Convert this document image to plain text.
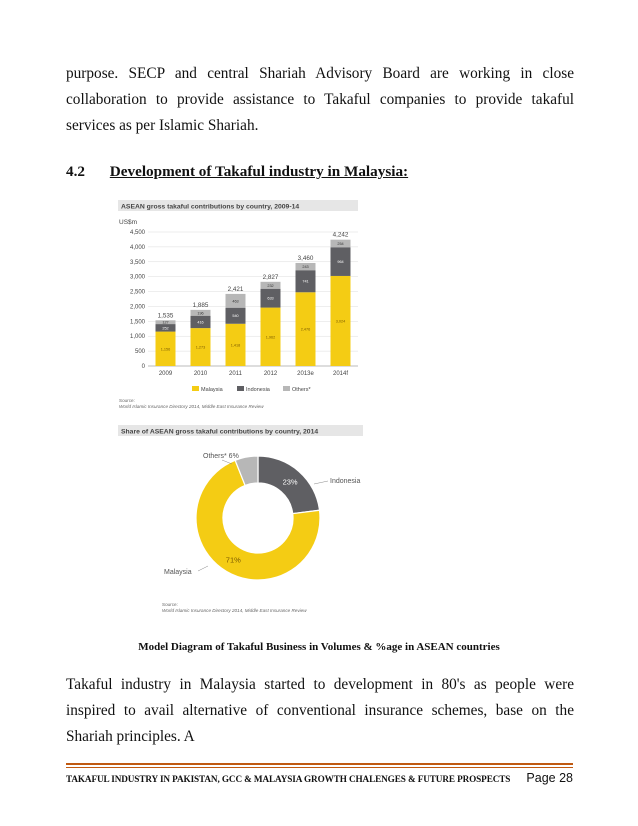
purpose. SECP and central Shariah Advisory Board are working in close collaboration to provide assistance to Takaful companies to provide takaful services as per Islamic Shariah.

4.2 Development of Takaful industry in Malaysia:
ASEAN gross takaful contributions by country, 2009-14
US$m
0
500
1,000
1,500
2,000
2,500
3,000
3,500
4,000
4,500
1,156
252
127
1,535
2009
1,273
416
196
1,885
2010
1,418
540
463
2,421
2011
1,962
633
232
2,827
2012
2,476
741
243
3,460
2013e
3,024
964
254
4,242
2014f
Malaysia	Indonesia	Others*
Source:
World Islamic Insurance Directory 2014, Middle East Insurance Review
Share of ASEAN gross takaful contributions by country, 2014
23%
71%
Others* 6%
Indonesia
Malaysia
Source:
World Islamic Insurance Directory 2014, Middle East Insurance Review
Model Diagram of Takaful Business in Volumes & %age in ASEAN countries

Takaful industry in Malaysia started to development in 80's as people were inspired to avail alternative of conventional insurance schemes, base on the Shariah principles. A

TAKAFUL INDUSTRY IN PAKISTAN, GCC & MALAYSIA GROWTH CHALENGES & FUTURE PROSPECTS Page 28
